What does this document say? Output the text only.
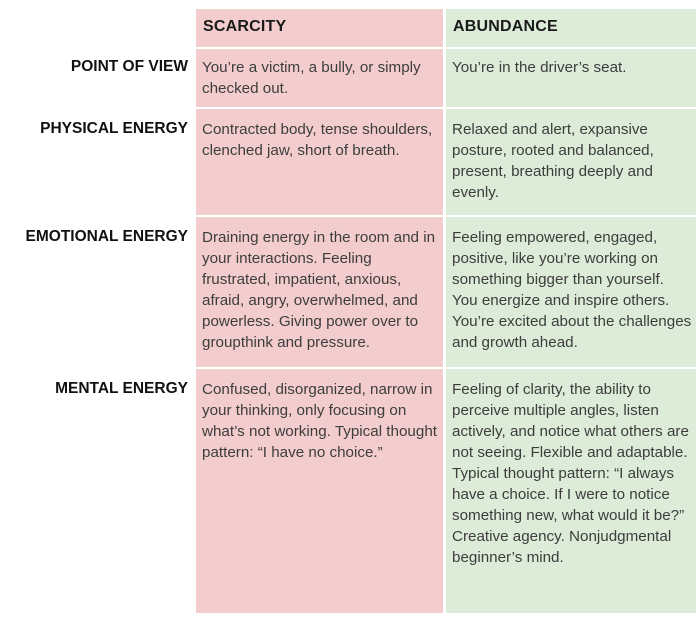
SCARCITY	ABUNDANCE
POINT OF VIEW You’re a victim, a bully, or simply checked out.
You’re in the driver’s seat.
PHYSICAL ENERGY Contracted body, tense shoulders, clenched jaw, short of breath.
Relaxed and alert, expansive posture, rooted and balanced, present, breathing deeply and evenly.
EMOTIONAL ENERGY Draining energy in the room and in your interactions. Feeling frustrated, impatient, anxious, afraid, angry, overwhelmed, and powerless. Giving power over to groupthink and pressure.
Feeling empowered, engaged, positive, like you’re working on something bigger than yourself. You energize and inspire others. You’re excited about the challenges and growth ahead.
MENTAL ENERGY Confused, disorganized, narrow in your thinking, only focusing on what’s not working. Typical thought pattern: “I have no choice.”
Feeling of clarity, the ability to perceive multiple angles, listen actively, and notice what others are not seeing. Flexible and adaptable. Typical thought pattern: “I always have a choice. If I were to notice something new, what would it be?” Creative agency. Nonjudgmental beginner’s mind.
